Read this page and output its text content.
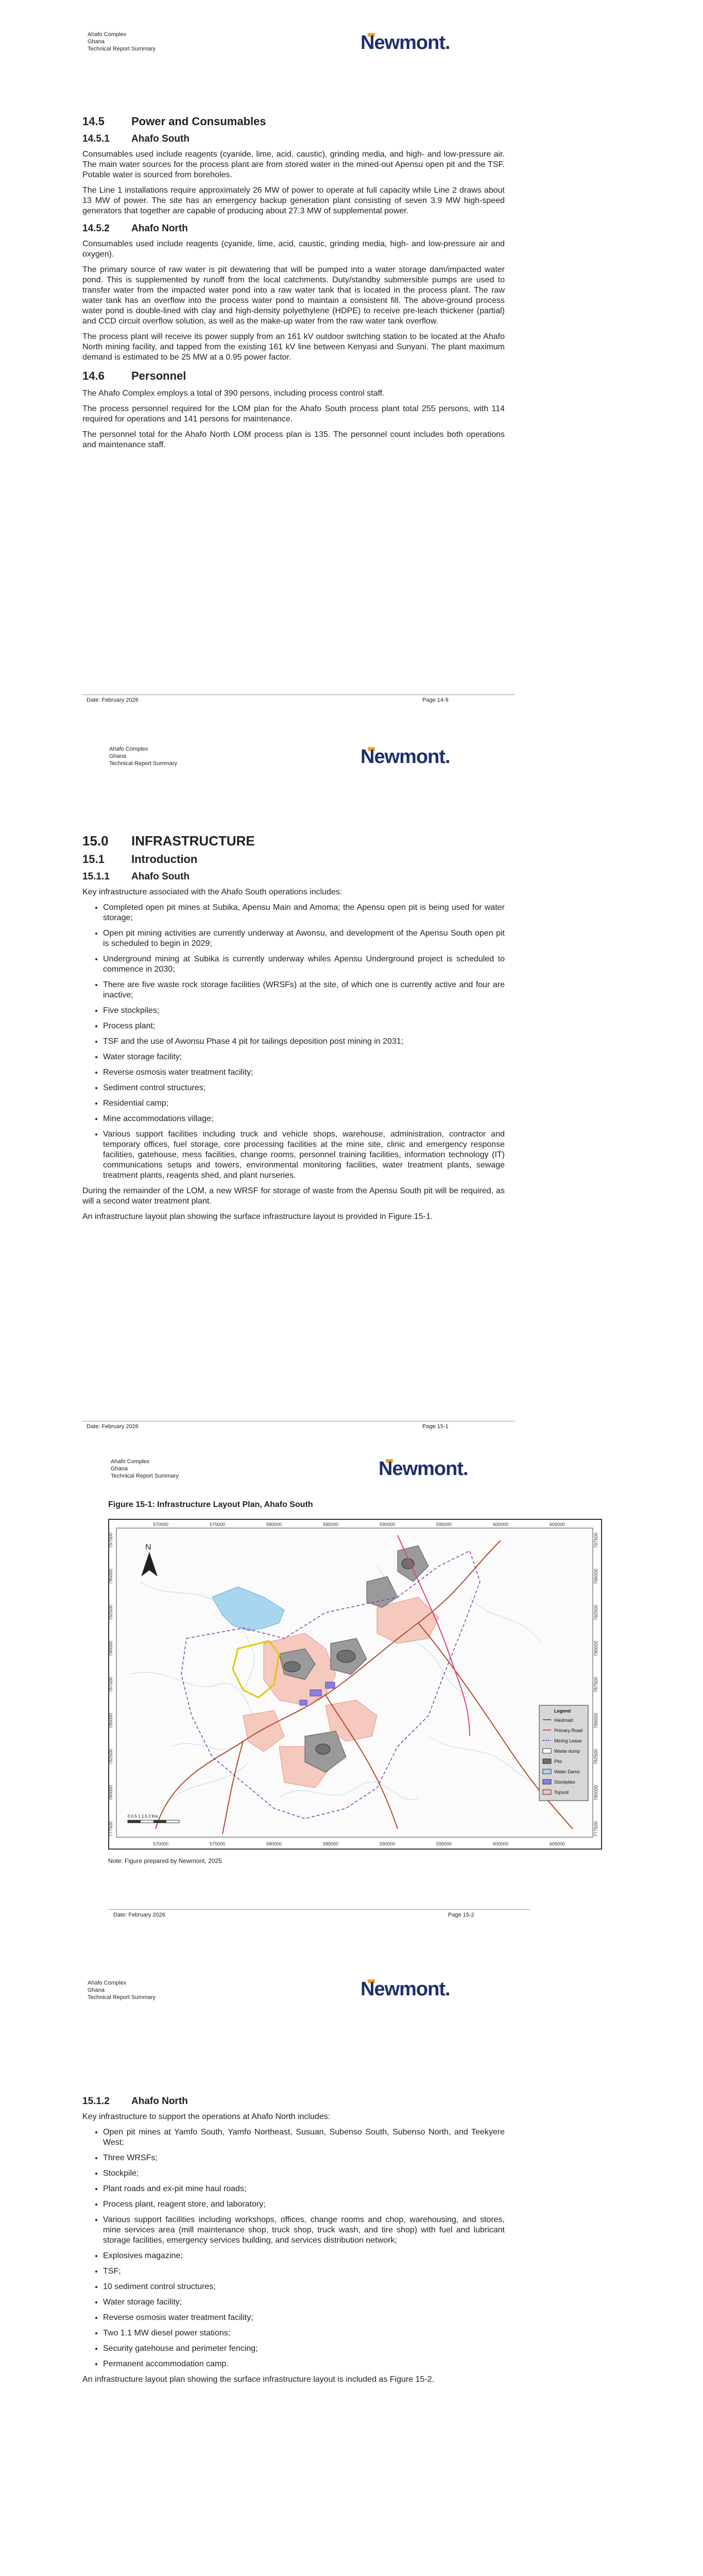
Ahafo Complex
Ghana
Technical Report Summary	Newmont.
14.5 Power and Consumables
14.5.1 Ahafo South

Consumables used include reagents (cyanide, lime, acid, caustic), grinding media, and high- and low-pressure air. The main water sources for the process plant are from stored water in the mined-out Apensu open pit and the TSF. Potable water is sourced from boreholes.

The Line 1 installations require approximately 26 MW of power to operate at full capacity while Line 2 draws about 13 MW of power. The site has an emergency backup generation plant consisting of seven 3.9 MW high-speed generators that together are capable of producing about 27.3 MW of supplemental power.

14.5.2 Ahafo North

Consumables used include reagents (cyanide, lime, acid, caustic, grinding media, high- and low-pressure air and oxygen).

The primary source of raw water is pit dewatering that will be pumped into a water storage dam/impacted water pond. This is supplemented by runoff from the local catchments. Duty/standby submersible pumps are used to transfer water from the impacted water pond into a raw water tank that is located in the process plant. The raw water tank has an overflow into the process water pond to maintain a consistent fill. The above-ground process water pond is double-lined with clay and high-density polyethylene (HDPE) to receive pre-leach thickener (partial) and CCD circuit overflow solution, as well as the make-up water from the raw water tank overflow.

The process plant will receive its power supply from an 161 kV outdoor switching station to be located at the Ahafo North mining facility, and tapped from the existing 161 kV line between Kenyasi and Sunyani. The plant maximum demand is estimated to be 25 MW at a 0.95 power factor.

14.6 Personnel

The Ahafo Complex employs a total of 390 persons, including process control staff.

The process personnel required for the LOM plan for the Ahafo South process plant total 255 persons, with 114 required for operations and 141 persons for maintenance.

The personnel total for the Ahafo North LOM process plan is 135. The personnel count includes both operations and maintenance staff.

Date: February 2026	Page 14-9
Ahafo Complex
Ghana
Technical Report Summary	Newmont.
15.0 INFRASTRUCTURE
15.1 Introduction
15.1.1 Ahafo South

Key infrastructure associated with the Ahafo South operations includes:

• Completed open pit mines at Subika, Apensu Main and Amoma; the Apensu open pit is being used for water storage;
• Open pit mining activities are currently underway at Awonsu, and development of the Apensu South open pit is scheduled to begin in 2029;
• Underground mining at Subika is currently underway whiles Apensu Underground project is scheduled to commence in 2030;
• There are five waste rock storage facilities (WRSFs) at the site, of which one is currently active and four are inactive;
• Five stockpiles;
• Process plant;
• TSF and the use of Awonsu Phase 4 pit for tailings deposition post mining in 2031;
• Water storage facility;
• Reverse osmosis water treatment facility;
• Sediment control structures;
• Residential camp;
• Mine accommodations village;
• Various support facilities including truck and vehicle shops, warehouse, administration, contractor and temporary offices, fuel storage, core processing facilities at the mine site, clinic and emergency response facilities, gatehouse, mess facilities, change rooms, personnel training facilities, information technology (IT) communications setups and towers, environmental monitoring facilities, water treatment plants, sewage treatment plants, reagents shed, and plant nurseries.

During the remainder of the LOM, a new WRSF for storage of waste from the Apensu South pit will be required, as will a second water treatment plant.

An infrastructure layout plan showing the surface infrastructure layout is provided in Figure 15-1.

Date: February 2026	Page 15-1
Ahafo Complex
Ghana
Technical Report Summary	Newmont.
Figure 15-1: Infrastructure Layout Plan, Ahafo South
570000
570000
575000
575000
580000
580000
585000
585000
590000
590000
595000
595000
600000
600000
605000
605000
797500	797500
795000	795000
792500	792500
790000	790000
787500	787500
785000	785000
782500	782500
780000	780000
777500	777500
N
0 0.5 1 1.5 2 Km
Legend
Haulroad
Primary Road
Mining Lease
Waste dump
Pits
Water Dams
Stockpiles
Topsoil
Note: Figure prepared by Newmont, 2025
Date: February 2026	Page 15-2
Ahafo Complex
Ghana
Technical Report Summary	Newmont.
15.1.2 Ahafo North

Key infrastructure to support the operations at Ahafo North includes:

• Open pit mines at Yamfo South, Yamfo Northeast, Susuan, Subenso South, Subenso North, and Teekyere West;
• Three WRSFs;
• Stockpile;
• Plant roads and ex-pit mine haul roads;
• Process plant, reagent store, and laboratory;
• Various support facilities including workshops, offices, change rooms and chop, warehousing, and stores, mine services area (mill maintenance shop, truck shop, truck wash, and tire shop) with fuel and lubricant storage facilities, emergency services building, and services distribution network;
• Explosives magazine;
• TSF;
• 10 sediment control structures;
• Water storage facility;
• Reverse osmosis water treatment facility;
• Two 1.1 MW diesel power stations;
• Security gatehouse and perimeter fencing;
• Permanent accommodation camp.

An infrastructure layout plan showing the surface infrastructure layout is included as Figure 15-2.
